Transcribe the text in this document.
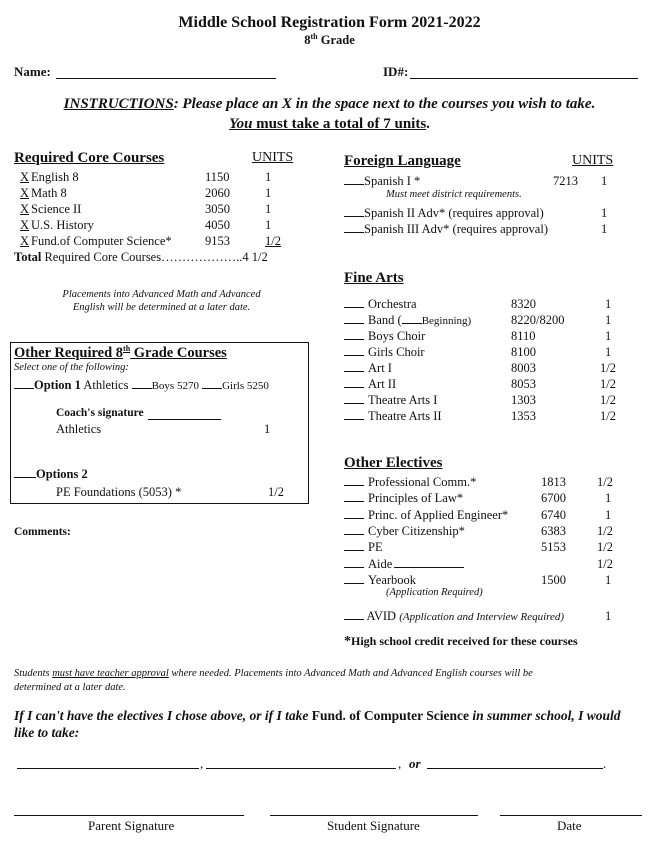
Middle School Registration Form 2021-2022
8th Grade
Name:	ID#:
INSTRUCTIONS: Please place an X in the space next to the courses you wish to take.
You must take a total of 7 units.
Required Core Courses	UNITS
X English 8	1150	1
X Math 8	2060	1
X Science II	3050	1
X U.S. History	4050	1
X Fund.of Computer Science*	9153	1/2
Total Required Core Courses………………..4 1/2
Placements into Advanced Math and Advanced
English will be determined at a later date.
Other Required 8th Grade Courses
Select one of the following:
Option 1 Athletics Boys 5270 Girls 5250
Coach's signature
Athletics	1
Options 2
PE Foundations (5053) *	1/2
Comments:
Foreign Language	UNITS
Spanish I *	7213 1
Must meet district requirements.
Spanish II Adv* (requires approval)	1
Spanish III Adv* (requires approval)	1
Fine Arts
Orchestra	8320	1
Band ( Beginning)	8220/8200	1
Boys Choir	8110	1
Girls Choir	8100	1
Art I	8003	1/2
Art II	8053	1/2
Theatre Arts I	1303	1/2
Theatre Arts II	1353	1/2
Other Electives
Professional Comm.*	1813 1/2
Principles of Law*	6700	1
Princ. of Applied Engineer*	6740	1
Cyber Citizenship*	6383 1/2
PE	5153 1/2
Aide	1/2
Yearbook	1500	1
(Application Required)
AVID (Application and Interview Required)	1
*High school credit received for these courses
Students must have teacher approval where needed. Placements into Advanced Math and Advanced English courses will be
determined at a later date.
If I can't have the electives I chose above, or if I take Fund. of Computer Science in summer school, I would
like to take:
,	, or	.
Parent Signature	Student Signature	Date
